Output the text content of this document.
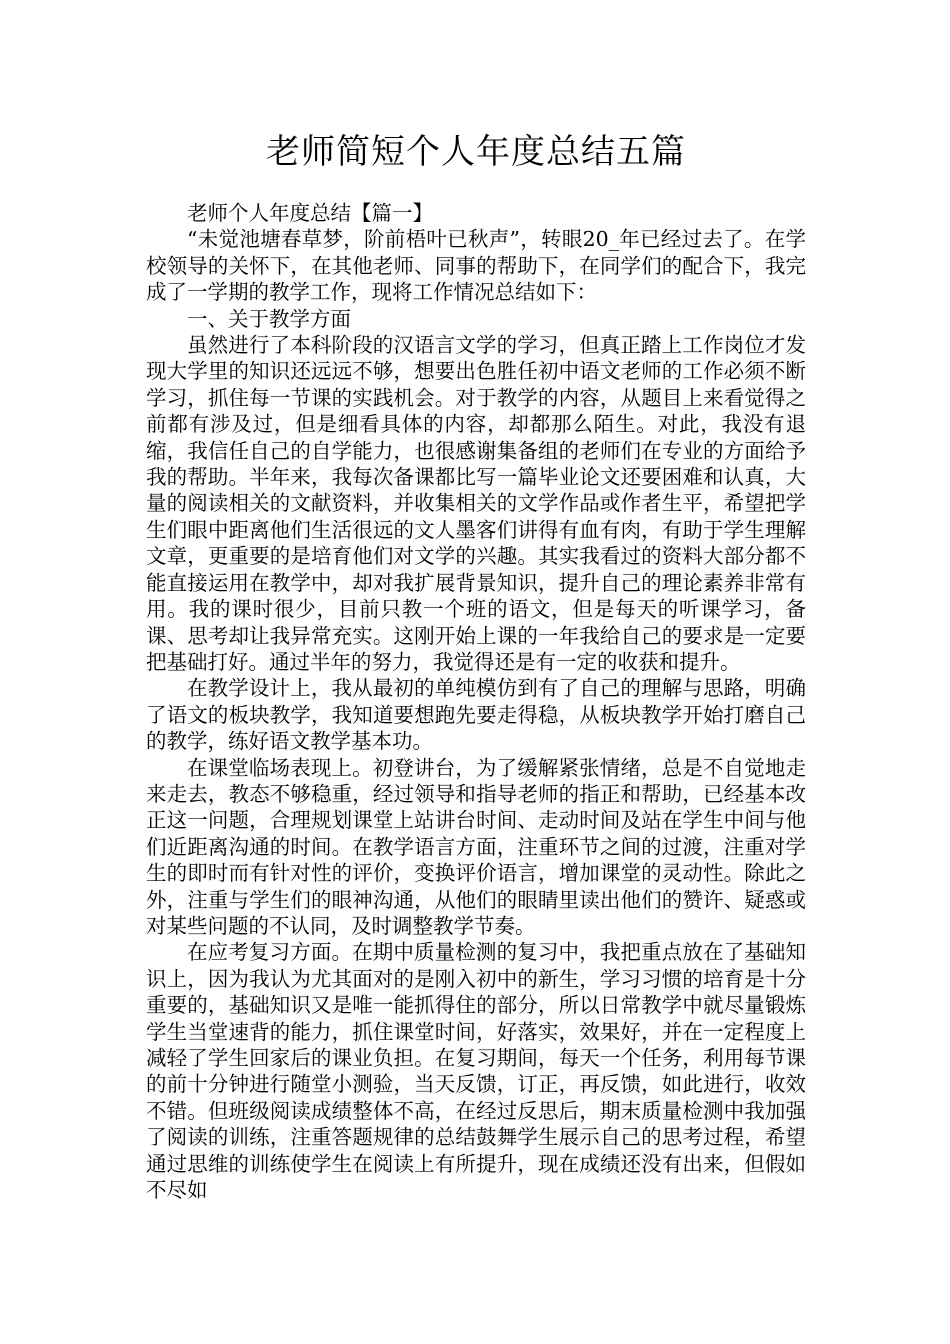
老师简短个人年度总结五篇

老师个人年度总结【篇一】

“未觉池塘春草梦，阶前梧叶已秋声”，转眼20_年已经过去了。在学校领导的关怀下，在其他老师、同事的帮助下，在同学们的配合下，我完成了一学期的教学工作，现将工作情况总结如下：

一、关于教学方面

虽然进行了本科阶段的汉语言文学的学习，但真正踏上工作岗位才发现大学里的知识还远远不够，想要出色胜任初中语文老师的工作必须不断学习，抓住每一节课的实践机会。对于教学的内容，从题目上来看觉得之前都有涉及过，但是细看具体的内容，却都那么陌生。对此，我没有退缩，我信任自己的自学能力，也很感谢集备组的老师们在专业的方面给予我的帮助。半年来，我每次备课都比写一篇毕业论文还要困难和认真，大量的阅读相关的文献资料，并收集相关的文学作品或作者生平，希望把学生们眼中距离他们生活很远的文人墨客们讲得有血有肉，有助于学生理解文章，更重要的是培育他们对文学的兴趣。其实我看过的资料大部分都不能直接运用在教学中，却对我扩展背景知识，提升自己的理论素养非常有用。我的课时很少，目前只教一个班的语文，但是每天的听课学习，备课、思考却让我异常充实。这刚开始上课的一年我给自己的要求是一定要把基础打好。通过半年的努力，我觉得还是有一定的收获和提升。

在教学设计上，我从最初的单纯模仿到有了自己的理解与思路，明确了语文的板块教学，我知道要想跑先要走得稳，从板块教学开始打磨自己的教学，练好语文教学基本功。

在课堂临场表现上。初登讲台，为了缓解紧张情绪，总是不自觉地走来走去，教态不够稳重，经过领导和指导老师的指正和帮助，已经基本改正这一问题，合理规划课堂上站讲台时间、走动时间及站在学生中间与他们近距离沟通的时间。在教学语言方面，注重环节之间的过渡，注重对学生的即时而有针对性的评价，变换评价语言，增加课堂的灵动性。除此之外，注重与学生们的眼神沟通，从他们的眼睛里读出他们的赞许、疑惑或对某些问题的不认同，及时调整教学节奏。

在应考复习方面。在期中质量检测的复习中，我把重点放在了基础知识上，因为我认为尤其面对的是刚入初中的新生，学习习惯的培育是十分重要的，基础知识又是唯一能抓得住的部分，所以日常教学中就尽量锻炼学生当堂速背的能力，抓住课堂时间，好落实，效果好，并在一定程度上减轻了学生回家后的课业负担。在复习期间，每天一个任务，利用每节课的前十分钟进行随堂小测验，当天反馈，订正，再反馈，如此进行，收效不错。但班级阅读成绩整体不高，在经过反思后，期末质量检测中我加强了阅读的训练，注重答题规律的总结鼓舞学生展示自己的思考过程，希望通过思维的训练使学生在阅读上有所提升，现在成绩还没有出来，但假如不尽如
